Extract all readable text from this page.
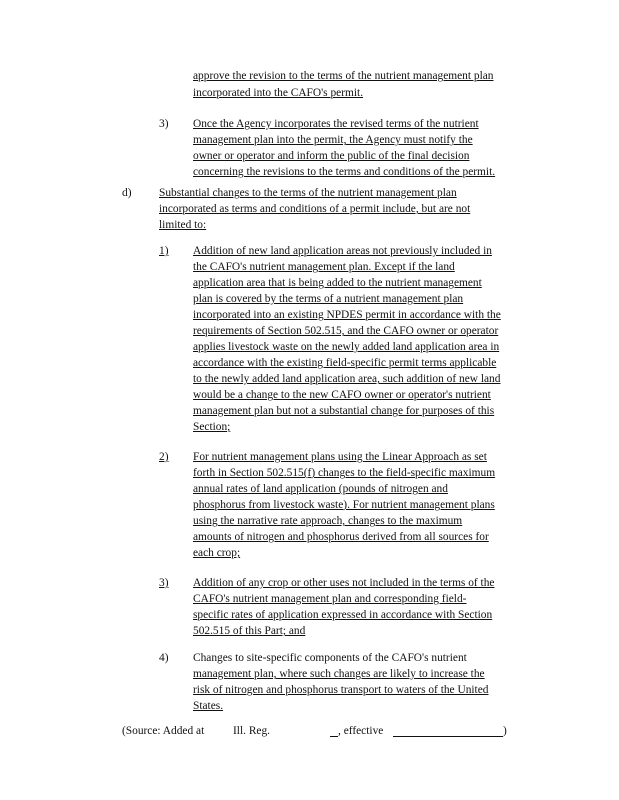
approve the revision to the terms of the nutrient management plan
incorporated into the CAFO's permit.
3) Once the Agency incorporates the revised terms of the nutrient
management plan into the permit, the Agency must notify the
owner or operator and inform the public of the final decision
concerning the revisions to the terms and conditions of the permit.
d) Substantial changes to the terms of the nutrient management plan
incorporated as terms and conditions of a permit include, but are not
limited to:
1) Addition of new land application areas not previously included in
the CAFO's nutrient management plan. Except if the land
application area that is being added to the nutrient management
plan is covered by the terms of a nutrient management plan
incorporated into an existing NPDES permit in accordance with the
requirements of Section 502.515, and the CAFO owner or operator
applies livestock waste on the newly added land application area in
accordance with the existing field-specific permit terms applicable
to the newly added land application area, such addition of new land
would be a change to the new CAFO owner or operator's nutrient
management plan but not a substantial change for purposes of this
Section;
2) For nutrient management plans using the Linear Approach as set
forth in Section 502.515(f) changes to the field-specific maximum
annual rates of land application (pounds of nitrogen and
phosphorus from livestock waste). For nutrient management plans
using the narrative rate approach, changes to the maximum
amounts of nitrogen and phosphorus derived from all sources for
each crop;
3) Addition of any crop or other uses not included in the terms of the
CAFO's nutrient management plan and corresponding field-
specific rates of application expressed in accordance with Section
502.515 of this Part; and
4) Changes to site-specific components of the CAFO's nutrient
management plan, where such changes are likely to increase the
risk of nitrogen and phosphorus transport to waters of the United
States.
(Source: Added at	Ill. Reg.	, effective	)
